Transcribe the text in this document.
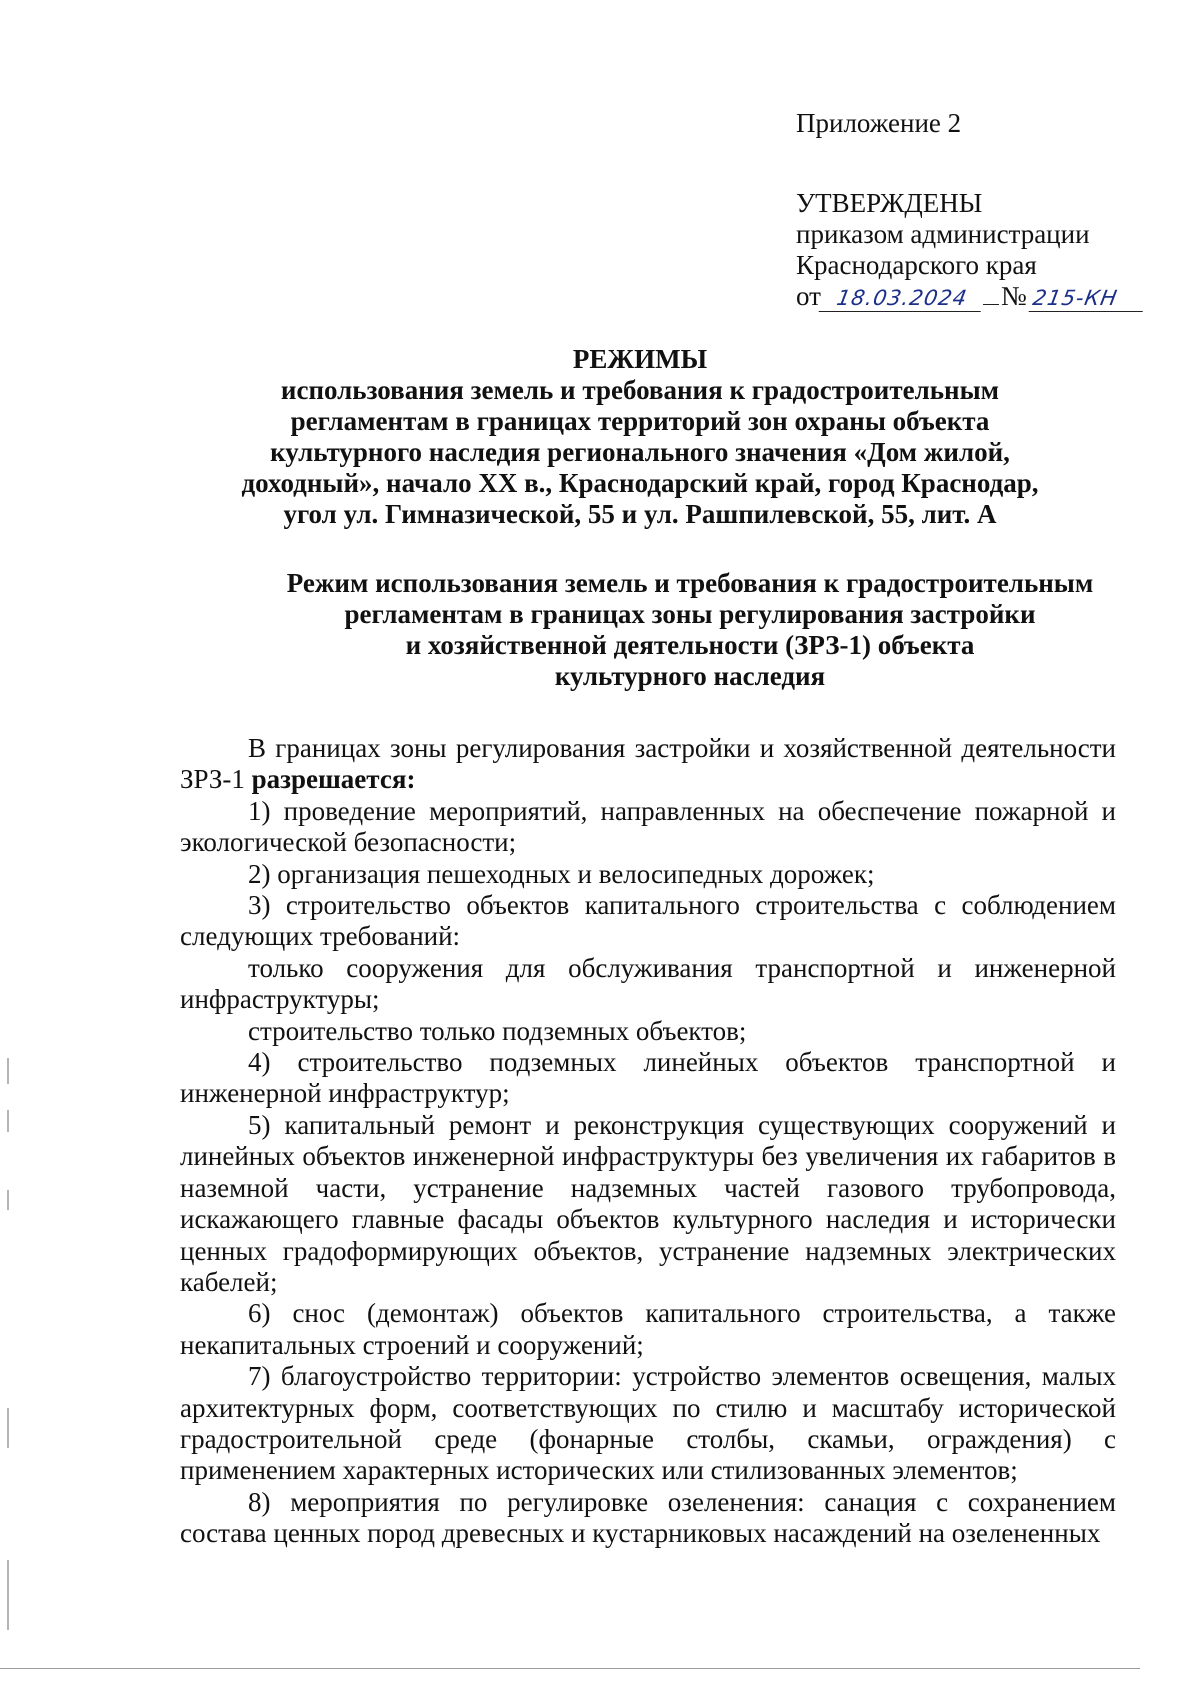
Приложение 2

УТВЕРЖДЕНЫ

приказом администрации

Краснодарского края

от 18.03.2024	№ 215-КН

РЕЖИМЫ

использования земель и требования к градостроительным

регламентам в границах территорий зон охраны объекта

культурного наследия регионального значения «Дом жилой,

доходный», начало XX в., Краснодарский край, город Краснодар,

угол ул. Гимназической, 55 и ул. Рашпилевской, 55, лит. А

Режим использования земель и требования к градостроительным

регламентам в границах зоны регулирования застройки

и хозяйственной деятельности (ЗРЗ-1) объекта

культурного наследия

В границах зоны регулирования застройки и хозяйственной деятельности ЗРЗ-1 разрешается:

1) проведение мероприятий, направленных на обеспечение пожарной и экологической безопасности;

2) организация пешеходных и велосипедных дорожек;

3) строительство объектов капитального строительства с соблюдением следующих требований:

только сооружения для обслуживания транспортной и инженерной инфраструктуры;

строительство только подземных объектов;

4) строительство подземных линейных объектов транспортной и инженерной инфраструктур;

5) капитальный ремонт и реконструкция существующих сооружений и линейных объектов инженерной инфраструктуры без увеличения их габаритов в наземной части, устранение надземных частей газового трубопровода, искажающего главные фасады объектов культурного наследия и исторически ценных градоформирующих объектов, устранение надземных электрических кабелей;

6) снос (демонтаж) объектов капитального строительства, а также некапитальных строений и сооружений;

7) благоустройство территории: устройство элементов освещения, малых архитектурных форм, соответствующих по стилю и масштабу исторической градостроительной среде (фонарные столбы, скамьи, ограждения) с применением характерных исторических или стилизованных элементов;

8) мероприятия по регулировке озеленения: санация с сохранением состава ценных пород древесных и кустарниковых насаждений на озелененных
